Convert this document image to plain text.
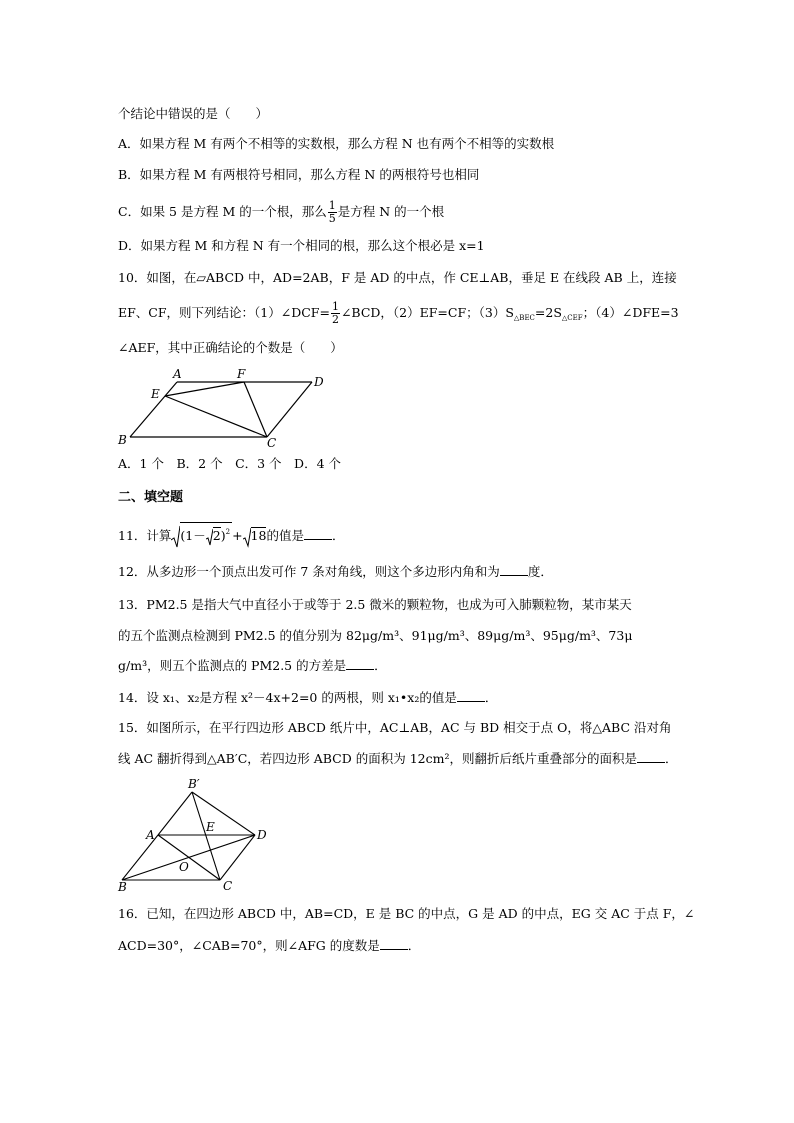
个结论中错误的是（　　）
A．如果方程 M 有两个不相等的实数根，那么方程 N 也有两个不相等的实数根
B．如果方程 M 有两根符号相同，那么方程 N 的两根符号也相同
C．如果 5 是方程 M 的一个根，那么 $\frac{1}{5}$ 是方程 N 的一个根
D．如果方程 M 和方程 N 有一个相同的根，那么这个根必是 x=1
10．如图，在▱ABCD 中，AD=2AB，F 是 AD 的中点，作 CE⊥AB，垂足 E 在线段 AB 上，连接
EF、CF，则下列结论：（1）∠DCF= $\frac{1}{2}$ ∠BCD，（2）EF=CF；$(3)S_{\triangle BEC}=2S_{\triangle CEF}$；（4）∠DFE=3
∠AEF，其中正确结论的个数是（　　）
A	F
D
E
B	C
A．1 个　B．2 个　C．3 个　D．4 个
二、填空题
11．计算 $(1- 2)^2 + 18$的值是 ．
12．从多边形一个顶点出发可作 7 条对角线，则这个多边形内角和为 度．
13．PM2.5 是指大气中直径小于或等于 2.5 微米的颗粒物，也成为可入肺颗粒物，某市某天
的五个监测点检测到 PM2.5 的值分别为 82μg/m³、91μg/m³、89μg/m³、95μg/m³、73μ
g/m³，则五个监测点的 PM2.5 的方差是 ．
14．设 x₁、x₂是方程 x²－4x+2=0 的两根，则 x₁•x₂的值是 ．
15．如图所示，在平行四边形 ABCD 纸片中，AC⊥AB，AC 与 BD 相交于点 O，将△ABC 沿对角
线 AC 翻折得到△AB′C，若四边形 ABCD 的面积为 12cm²，则翻折后纸片重叠部分的面积是 ．
B′
A
E
D
O
B	C
16．已知，在四边形 ABCD 中，AB=CD，E 是 BC 的中点，G 是 AD 的中点，EG 交 AC 于点 F，∠
ACD=30°，∠CAB=70°，则∠AFG 的度数是 ．
